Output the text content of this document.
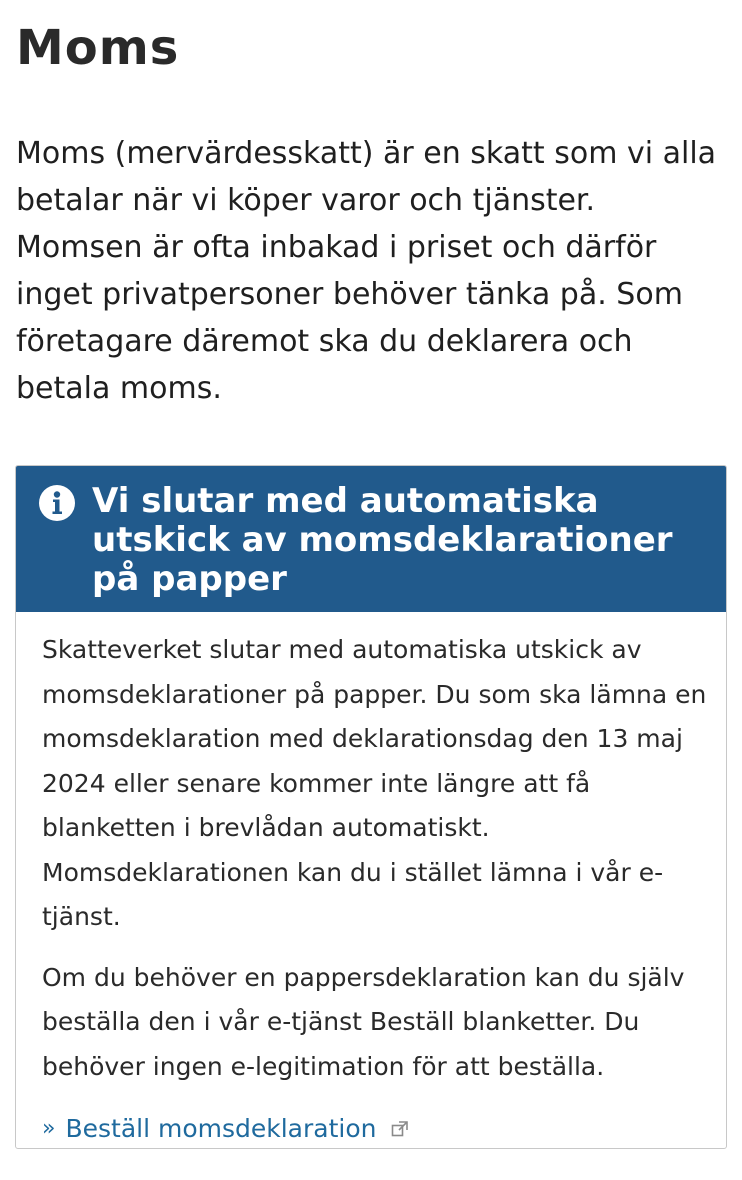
Moms

Moms (mervärdesskatt) är en skatt som vi alla betalar när vi köper varor och tjänster. Momsen är ofta inbakad i priset och därför inget privatpersoner behöver tänka på. Som företagare däremot ska du deklarera och betala moms.

Vi slutar med automatiska utskick av momsdeklarationer på papper

Skatteverket slutar med automatiska utskick av momsdeklarationer på papper. Du som ska lämna en momsdeklaration med deklarationsdag den 13 maj 2024 eller senare kommer inte längre att få blanketten i brevlådan automatiskt. Momsdeklarationen kan du i stället lämna i vår e-tjänst.

Om du behöver en pappersdeklaration kan du själv beställa den i vår e-tjänst Beställ blanketter. Du behöver ingen e-legitimation för att beställa.

» Beställ momsdeklaration
